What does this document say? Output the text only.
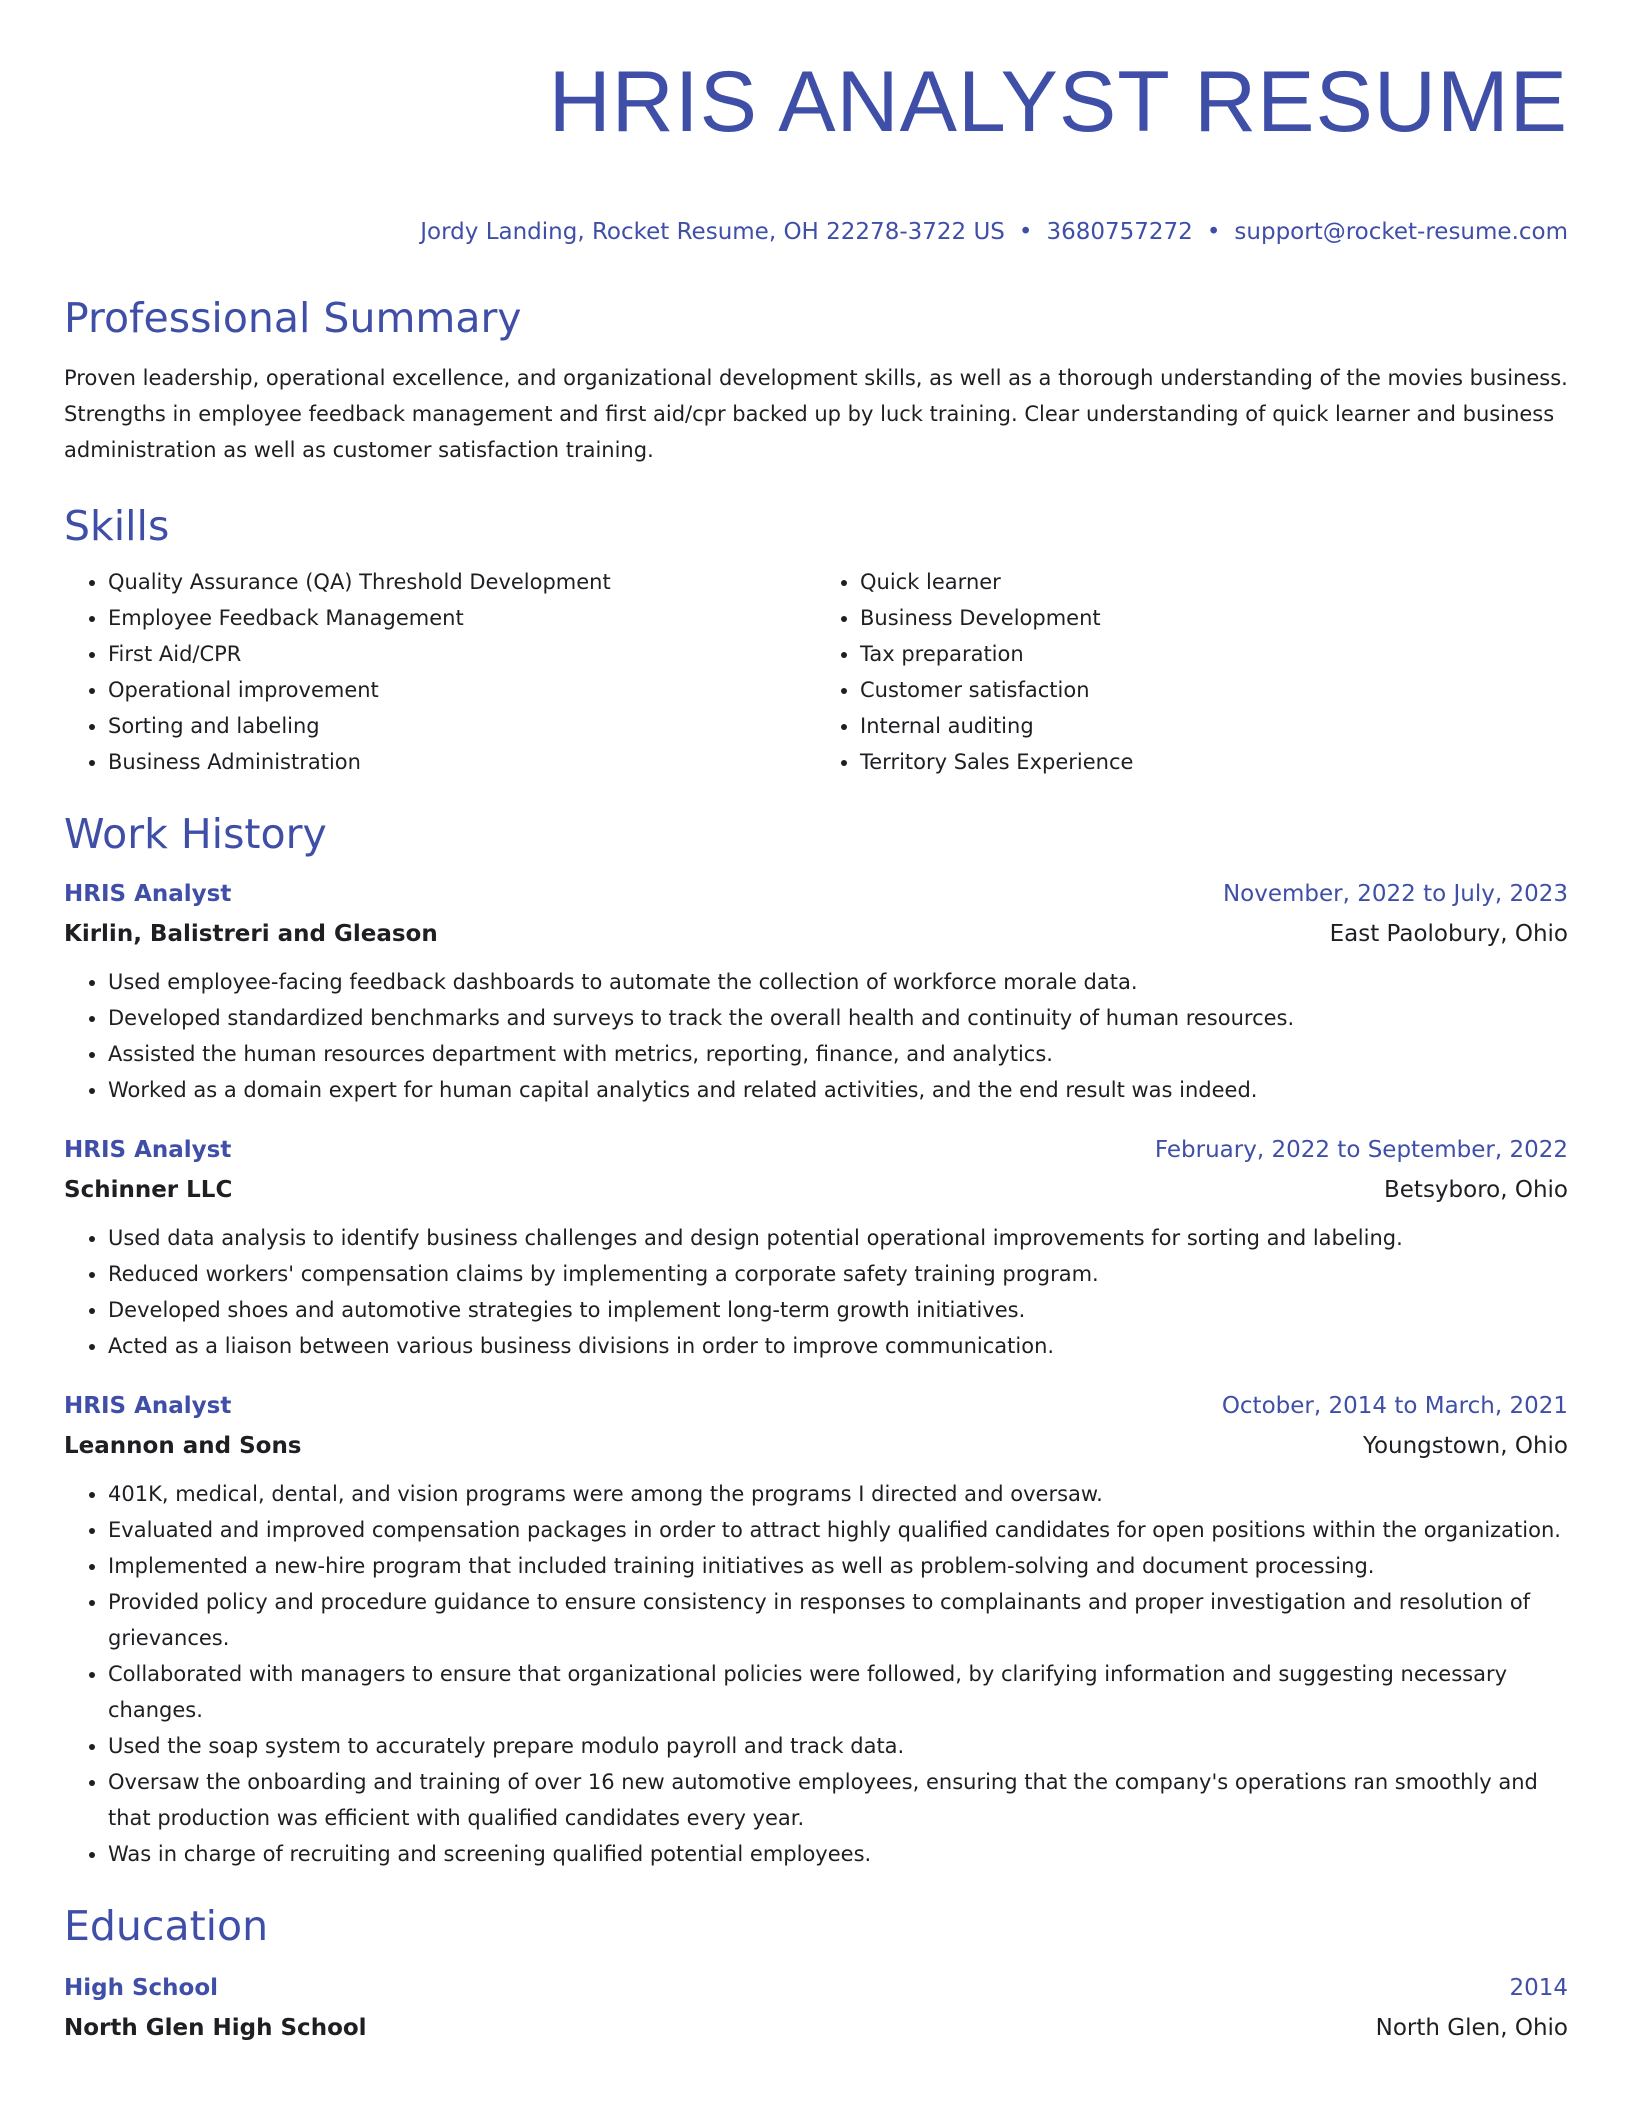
HRIS ANALYST RESUME
Jordy Landing, Rocket Resume, OH 22278-3722 US • 3680757272 • support@rocket-resume.com
Professional Summary

Proven leadership, operational excellence, and organizational development skills, as well as a thorough understanding of the movies business. Strengths in employee feedback management and first aid/cpr backed up by luck training. Clear understanding of quick learner and business administration as well as customer satisfaction training.

Skills
• Quality Assurance (QA) Threshold Development
• Employee Feedback Management
• First Aid/CPR
• Operational improvement
• Sorting and labeling
• Business Administration
• Quick learner
• Business Development
• Tax preparation
• Customer satisfaction
• Internal auditing
• Territory Sales Experience
Work History
HRIS Analyst	November, 2022 to July, 2023
Kirlin, Balistreri and Gleason	East Paolobury, Ohio
• Used employee-facing feedback dashboards to automate the collection of workforce morale data.
• Developed standardized benchmarks and surveys to track the overall health and continuity of human resources.
• Assisted the human resources department with metrics, reporting, finance, and analytics.
• Worked as a domain expert for human capital analytics and related activities, and the end result was indeed.
HRIS Analyst	February, 2022 to September, 2022
Schinner LLC	Betsyboro, Ohio
• Used data analysis to identify business challenges and design potential operational improvements for sorting and labeling.
• Reduced workers' compensation claims by implementing a corporate safety training program.
• Developed shoes and automotive strategies to implement long-term growth initiatives.
• Acted as a liaison between various business divisions in order to improve communication.
HRIS Analyst	October, 2014 to March, 2021
Leannon and Sons	Youngstown, Ohio
• 401K, medical, dental, and vision programs were among the programs I directed and oversaw.
• Evaluated and improved compensation packages in order to attract highly qualified candidates for open positions within the organization.
• Implemented a new-hire program that included training initiatives as well as problem-solving and document processing.
• Provided policy and procedure guidance to ensure consistency in responses to complainants and proper investigation and resolution of grievances.
• Collaborated with managers to ensure that organizational policies were followed, by clarifying information and suggesting necessary changes.
• Used the soap system to accurately prepare modulo payroll and track data.
• Oversaw the onboarding and training of over 16 new automotive employees, ensuring that the company's operations ran smoothly and that production was efficient with qualified candidates every year.
• Was in charge of recruiting and screening qualified potential employees.
Education
High School	2014
North Glen High School	North Glen, Ohio
